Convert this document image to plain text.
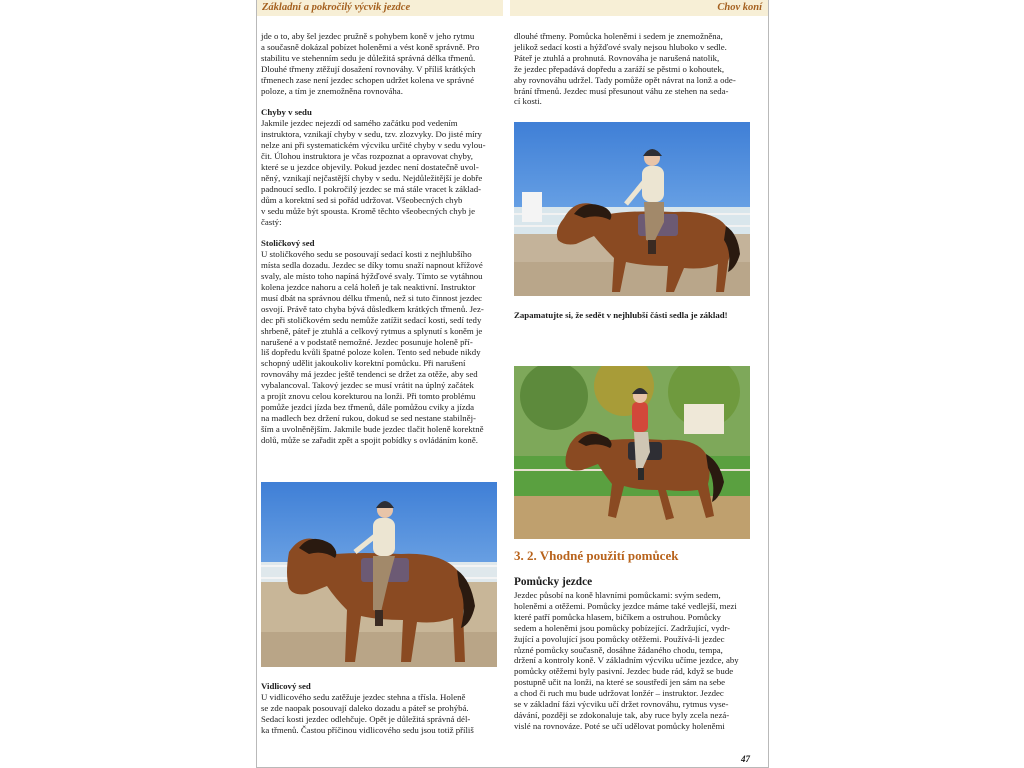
Základní a pokročilý výcvik jezdce	Chov koní

jde o to, aby šel jezdec pružně s pohybem koně v jeho rytmu
a současně dokázal pobízet holeněmi a vést koně správně. Pro
stabilitu ve stehenním sedu je důležitá správná délka třmenů.
Dlouhé třmeny ztěžují dosažení rovnováhy. V příliš krátkých
třmenech zase není jezdec schopen udržet kolena ve správné
poloze, a tím je znemožněna rovnováha.

Chyby v sedu

Jakmile jezdec nejezdí od samého začátku pod vedením
instruktora, vznikají chyby v sedu, tzv. zlozvyky. Do jisté míry
nelze ani při systematickém výcviku určité chyby v sedu vylou-
čit. Úlohou instruktora je včas rozpoznat a opravovat chyby,
které se u jezdce objevily. Pokud jezdec není dostatečně uvol-
něný, vznikají nejčastější chyby v sedu. Nejdůležitější je dobře
padnoucí sedlo. I pokročilý jezdec se má stále vracet k základ-
dům a korektní sed si pořád udržovat. Všeobecných chyb
v sedu může být spousta. Kromě těchto všeobecných chyb je
častý:

Stoličkový sed

U stoličkového sedu se posouvají sedací kosti z nejhlubšího
místa sedla dozadu. Jezdec se díky tomu snaží napnout křížové
svaly, ale místo toho napíná hýžďové svaly. Tímto se vytáhnou
kolena jezdce nahoru a celá holeň je tak neaktivní. Instruktor
musí dbát na správnou délku třmenů, než si tuto činnost jezdec
osvojí. Právě tato chyba bývá důsledkem krátkých třmenů. Jez-
dec při stoličkovém sedu nemůže zatížit sedací kosti, sedí tedy
shrbeně, páteř je ztuhlá a celkový rytmus a splynutí s koněm je
narušené a v podstatě nemožné. Jezdec posunuje holeně pří-
liš dopředu kvůli špatné poloze kolen. Tento sed nebude nikdy
schopný udělit jakoukoliv korektní pomůcku. Při narušení
rovnováhy má jezdec ještě tendenci se držet za otěže, aby sed
vybalancoval. Takový jezdec se musí vrátit na úplný začátek
a projít znovu celou korekturou na lonži. Při tomto problému
pomůže jezdci jízda bez třmenů, dále pomůžou cviky a jízda
na madlech bez držení rukou, dokud se sed nestane stabilněj-
ším a uvolněnějším. Jakmile bude jezdec tlačit holeně korektně
dolů, může se zařadit zpět a spojit pobídky s ovládáním koně.

Vidlicový sed

U vidlicového sedu zatěžuje jezdec stehna a třísla. Holeně
se zde naopak posouvají daleko dozadu a páteř se prohýbá.
Sedací kosti jezdec odlehčuje. Opět je důležitá správná dél-
ka třmenů. Častou příčinou vidlicového sedu jsou totiž příliš

dlouhé třmeny. Pomůcka holeněmi i sedem je znemožněna,
jelikož sedací kosti a hýžďové svaly nejsou hluboko v sedle.
Páteř je ztuhlá a prohnutá. Rovnováha je narušená natolik,
že jezdec přepadává dopředu a zaráží se pěstmi o kohoutek,
aby rovnováhu udržel. Tady pomůže opět návrat na lonž a ode-
brání třmenů. Jezdec musí přesunout váhu ze stehen na seda-
cí kosti.

Zapamatujte si, že sedět v nejhlubší části sedla je základ!
3. 2. Vhodné použití pomůcek
Pomůcky jezdce

Jezdec působí na koně hlavními pomůckami: svým sedem,
holeněmi a otěžemi. Pomůcky jezdce máme také vedlejší, mezi
které patří pomůcka hlasem, bičíkem a ostruhou. Pomůcky
sedem a holeněmi jsou pomůcky pobízející. Zadržující, vydr-
žující a povolující jsou pomůcky otěžemi. Používá-li jezdec
různé pomůcky současně, dosáhne žádaného chodu, tempa,
držení a kontroly koně. V základním výcviku učíme jezdce, aby
pomůcky otěžemi byly pasivní. Jezdec bude rád, když se bude
postupně učit na lonži, na které se soustředí jen sám na sebe
a chod či ruch mu bude udržovat lonžér – instruktor. Jezdec
se v základní fázi výcviku učí držet rovnováhu, rytmus vyse-
dávání, později se zdokonaluje tak, aby ruce byly zcela nezá-
vislé na rovnováze. Poté se učí udělovat pomůcky holeněmi

47
